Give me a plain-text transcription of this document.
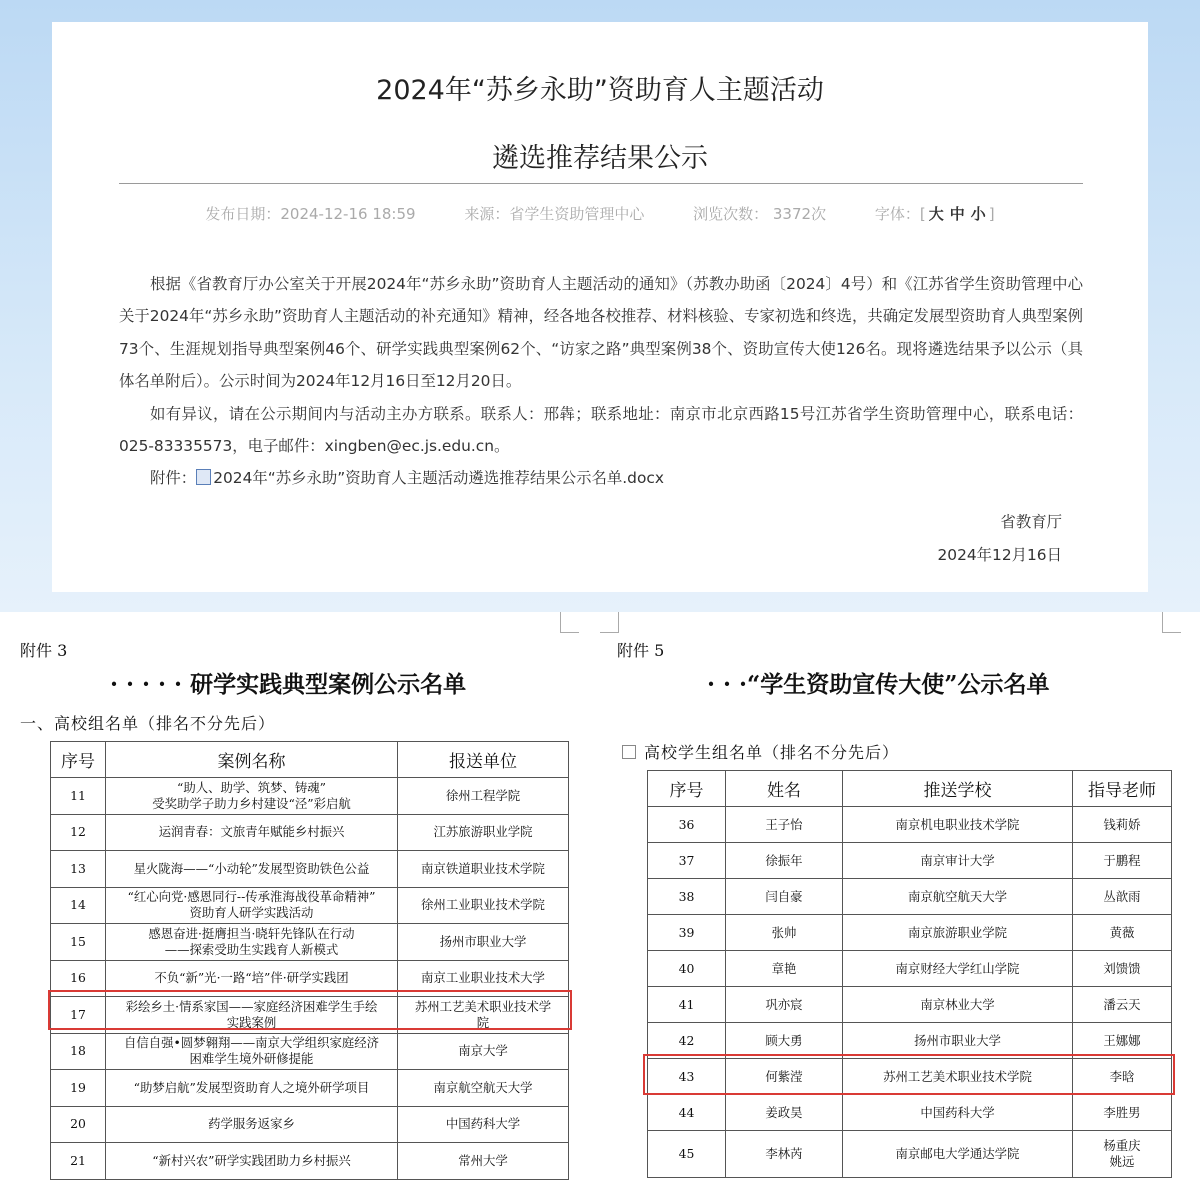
2024年“苏乡永助”资助育人主题活动
遴选推荐结果公示
发布日期：2024-12-16 18:59	来源：省学生资助管理中心	浏览次数： 3372次	字体：[ 大 中 小 ]

根据《省教育厅办公室关于开展2024年“苏乡永助”资助育人主题活动的通知》（苏教办助函〔2024〕4号）和《江苏省学生资助管理中心关于2024年“苏乡永助”资助育人主题活动的补充通知》精神，经各地各校推荐、材料核验、专家初选和终选，共确定发展型资助育人典型案例73个、生涯规划指导典型案例46个、研学实践典型案例62个、“访家之路”典型案例38个、资助宣传大使126名。现将遴选结果予以公示（具体名单附后）。公示时间为2024年12月16日至12月20日。

如有异议，请在公示期间内与活动主办方联系。联系人：邢犇；联系地址：南京市北京西路15号江苏省学生资助管理中心，联系电话：025-83335573，电子邮件：xingben@ec.js.edu.cn。

附件： 2024年“苏乡永助”资助育人主题活动遴选推荐结果公示名单.docx

省教育厅
2024年12月16日
附件 3
· · · · · 研学实践典型案例公示名单
一、高校组名单（排名不分先后）
序号	案例名称	报送单位
11	“助人、助学、筑梦、铸魂”
受奖助学子助力乡村建设“泾”彩启航	徐州工程学院
12	运润青春：文旅青年赋能乡村振兴	江苏旅游职业学院
13	星火陇海——“小动轮”发展型资助铁色公益	南京铁道职业技术学院
14	“红心向党·感恩同行--传承淮海战役革命精神”
资助育人研学实践活动	徐州工业职业技术学院
15	感恩奋进·挺膺担当·晓轩先锋队在行动
——探索受助生实践育人新模式	扬州市职业大学
16	不负“新”光·一路“培”伴·研学实践团	南京工业职业技术大学
17	彩绘乡土·情系家国——家庭经济困难学生手绘
实践案例	苏州工艺美术职业技术学
院
18	自信自强•圆梦翱翔——南京大学组织家庭经济
困难学生境外研修提能	南京大学
19	“助梦启航”发展型资助育人之境外研学项目	南京航空航天大学
20	药学服务返家乡	中国药科大学
21	“新村兴农”研学实践团助力乡村振兴	常州大学
附件 5
· · ·“学生资助宣传大使”公示名单
高校学生组名单（排名不分先后）
序号	姓名	推送学校	指导老师
36	王子怡	南京机电职业技术学院	钱莉娇
37	徐振年	南京审计大学	于鹏程
38	闫自豪	南京航空航天大学	丛歆雨
39	张帅	南京旅游职业学院	黄薇
40	章艳	南京财经大学红山学院	刘馈馈
41	巩亦宸	南京林业大学	潘云天
42	顾大勇	扬州市职业大学	王娜娜
43	何紫滢	苏州工艺美术职业技术学院	李晗
44	姜政昊	中国药科大学	李胜男
45	李林芮	南京邮电大学通达学院	杨重庆
姚远
